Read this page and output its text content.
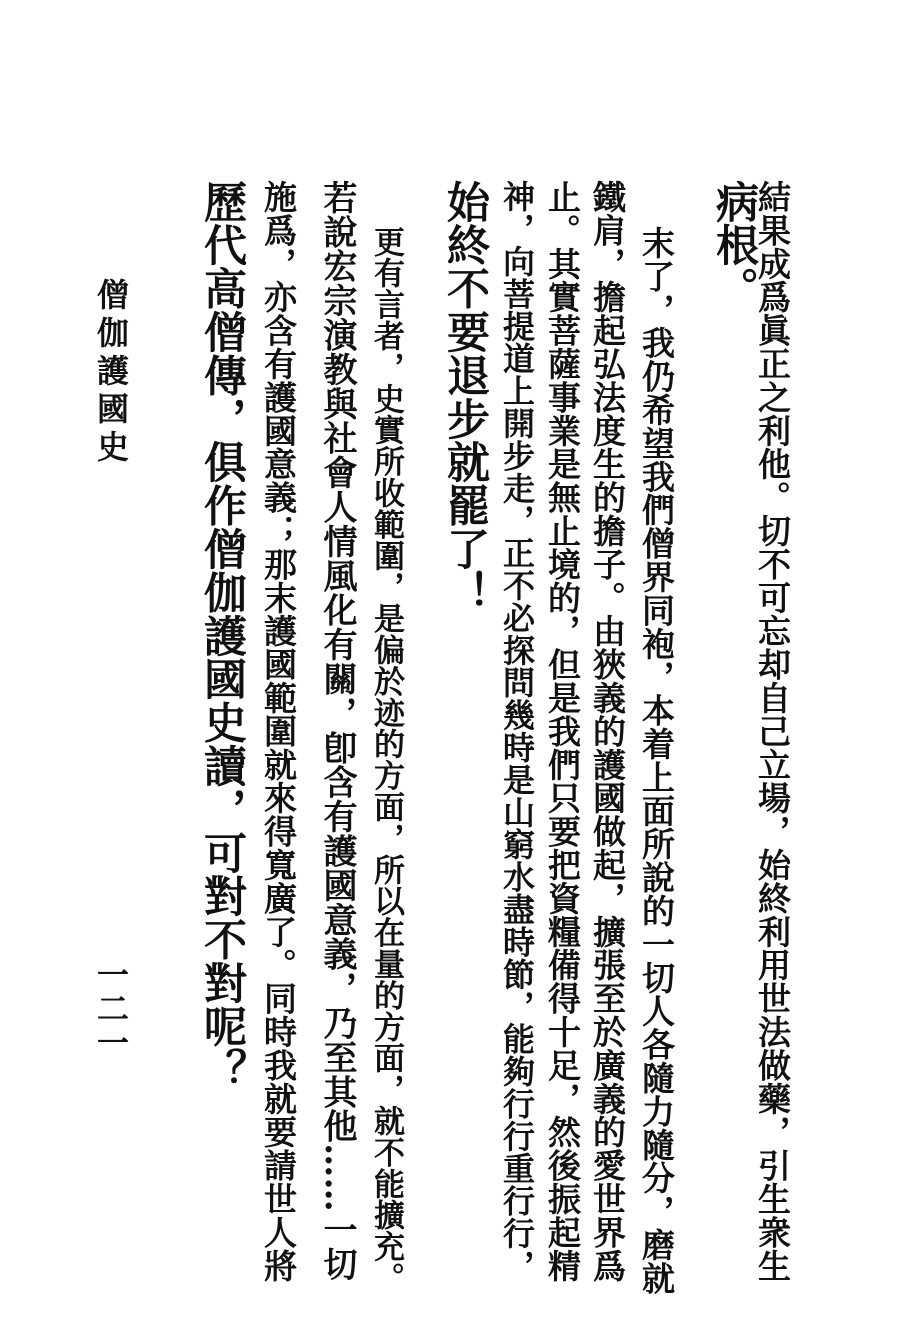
結果成爲眞正之利他。切不可忘却自己立場，始終利用世法做藥，引生衆生
病根。
末了，我仍希望我們僧界同袍，本着上面所說的一切人各隨力隨分，磨就
鐵肩，擔起弘法度生的擔子。由狹義的護國做起，擴張至於廣義的愛世界爲
止。其實菩薩事業是無止境的，但是我們只要把資糧備得十足，然後振起精
神，向菩提道上開步走，正不必探問幾時是山窮水盡時節，能夠行行重行行，
始終不要退步就罷了！
更有言者，史實所收範圍，是偏於迹的方面，所以在量的方面，就不能擴充。
若說宏宗演教與社會人情風化有關，卽含有護國意義，乃至其他……一切
施爲，亦含有護國意義；那末護國範圍就來得寬廣了。同時我就要請世人將
歷代高僧傳，俱作僧伽護國史讀，可對不對呢？
僧伽護國史
一二一
